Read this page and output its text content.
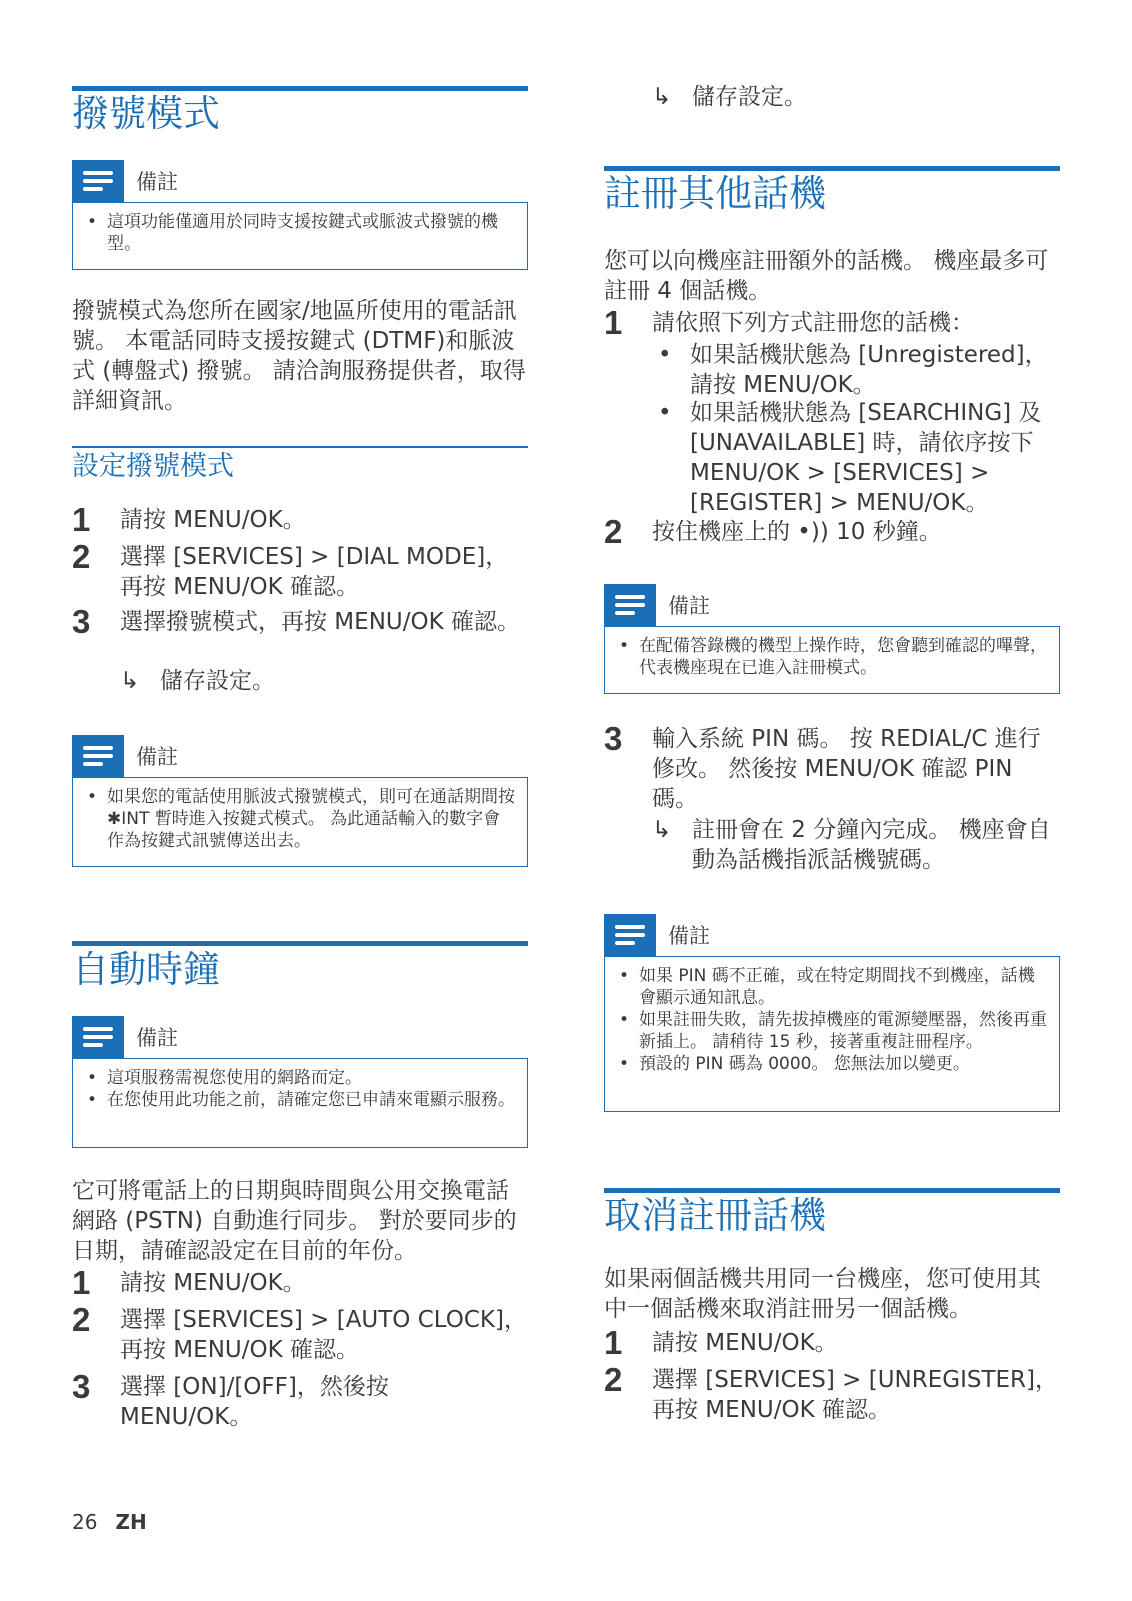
撥號模式
備註
• 這項功能僅適用於同時支援按鍵式或脈波式撥號的機型。
撥號模式為您所在國家/地區所使用的電話訊號。 本電話同時支援按鍵式 (DTMF)和脈波式 (轉盤式) 撥號。 請洽詢服務提供者，取得詳細資訊。
設定撥號模式
1 請按 MENU/OK。
2 選擇 [SERVICES] > [DIAL MODE]，再按 MENU/OK 確認。
3 選擇撥號模式，再按 MENU/OK 確認。
↳ 儲存設定。
備註
• 如果您的電話使用脈波式撥號模式，則可在通話期間按 ✱INT 暫時進入按鍵式模式。 為此通話輸入的數字會作為按鍵式訊號傳送出去。
自動時鐘
備註
• 這項服務需視您使用的網路而定。
• 在您使用此功能之前，請確定您已申請來電顯示服務。
它可將電話上的日期與時間與公用交換電話網路 (PSTN) 自動進行同步。 對於要同步的日期，請確認設定在目前的年份。
1 請按 MENU/OK。
2 選擇 [SERVICES] > [AUTO CLOCK]，再按 MENU/OK 確認。
3 選擇 [ON]/[OFF]，然後按 MENU/OK。
↳ 儲存設定。
註冊其他話機
您可以向機座註冊額外的話機。 機座最多可註冊 4 個話機。
1 請依照下列方式註冊您的話機：
• 如果話機狀態為 [Unregistered]，請按 MENU/OK。
• 如果話機狀態為 [SEARCHING] 及 [UNAVAILABLE] 時，請依序按下 MENU/OK > [SERVICES] > [REGISTER] > MENU/OK。
2 按住機座上的 •)) 10 秒鐘。
備註
• 在配備答錄機的機型上操作時，您會聽到確認的嗶聲，代表機座現在已進入註冊模式。
3 輸入系統 PIN 碼。 按 REDIAL/C 進行修改。 然後按 MENU/OK 確認 PIN 碼。
↳ 註冊會在 2 分鐘內完成。 機座會自動為話機指派話機號碼。
備註
• 如果 PIN 碼不正確，或在特定期間找不到機座，話機會顯示通知訊息。
• 如果註冊失敗，請先拔掉機座的電源變壓器，然後再重新插上。 請稍待 15 秒，接著重複註冊程序。
• 預設的 PIN 碼為 0000。 您無法加以變更。
取消註冊話機
如果兩個話機共用同一台機座，您可使用其中一個話機來取消註冊另一個話機。
1 請按 MENU/OK。
2 選擇 [SERVICES] > [UNREGISTER]，再按 MENU/OK 確認。
26 ZH
